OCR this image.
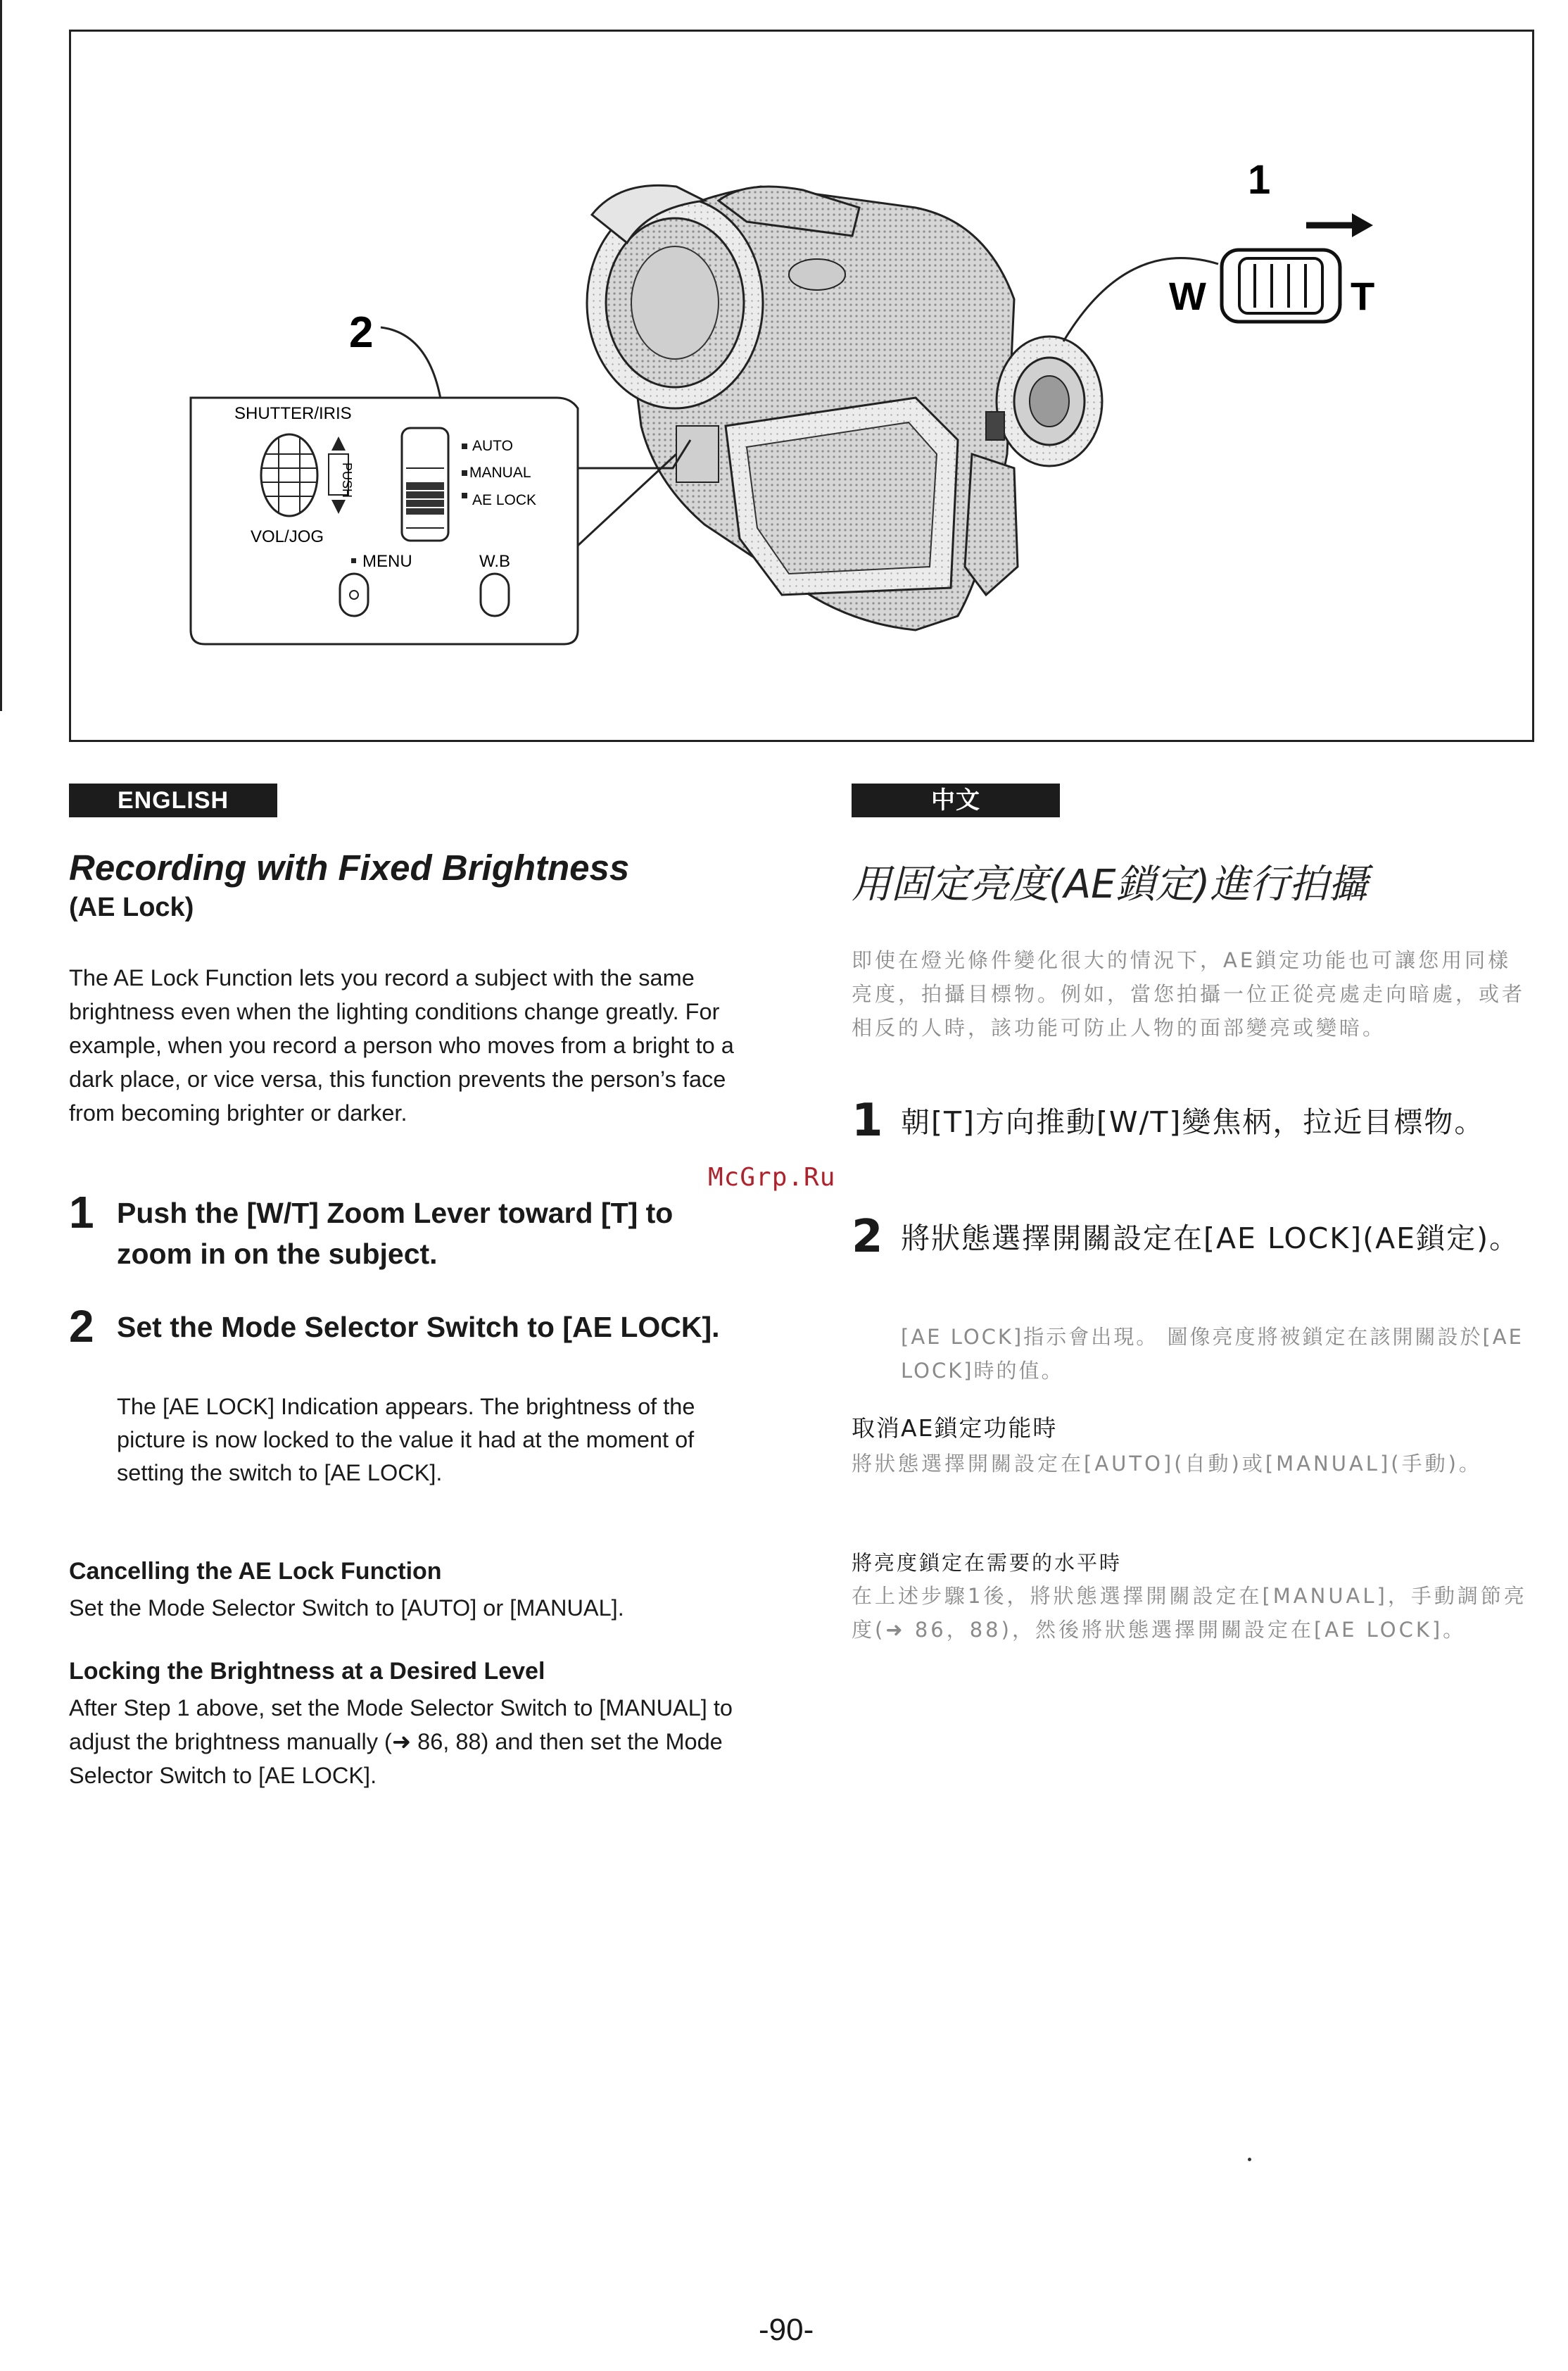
1
W	T
2
SHUTTER/IRIS
PUSH
VOL/JOG
AUTO
MANUAL
AE LOCK
MENU	W.B
ENGLISH
Recording with Fixed Brightness
(AE Lock)
The AE Lock Function lets you record a subject with the same brightness even when the lighting conditions change greatly. For example, when you record a person who moves from a bright to a dark place, or vice versa, this function prevents the person’s face from becoming brighter or darker.
McGrp.Ru
1 Push the [W/T] Zoom Lever toward [T] to zoom in on the subject.
2 Set the Mode Selector Switch to [AE LOCK].
The [AE LOCK] Indication appears. The brightness of the picture is now locked to the value it had at the moment of setting the switch to [AE LOCK].
Cancelling the AE Lock Function
Set the Mode Selector Switch to [AUTO] or [MANUAL].
Locking the Brightness at a Desired Level
After Step 1 above, set the Mode Selector Switch to [MANUAL] to adjust the brightness manually (➜ 86, 88) and then set the Mode Selector Switch to [AE LOCK].
中文
用固定亮度(AE鎖定)進行拍攝
即使在燈光條件變化很大的情況下，AE鎖定功能也可讓您用同樣亮度，拍攝目標物。例如，當您拍攝一位正從亮處走向暗處，或者相反的人時，該功能可防止人物的面部變亮或變暗。
1 朝[T]方向推動[W/T]變焦柄，拉近目標物。
2 將狀態選擇開關設定在[AE LOCK](AE鎖定)。
[AE LOCK]指示會出現。 圖像亮度將被鎖定在該開關設於[AE LOCK]時的值。
取消AE鎖定功能時
將狀態選擇開關設定在[AUTO](自動)或[MANUAL](手動)。
將亮度鎖定在需要的水平時
在上述步驟1後，將狀態選擇開關設定在[MANUAL]，手動調節亮度(➜ 86，88)，然後將狀態選擇開關設定在[AE LOCK]。
-90-
